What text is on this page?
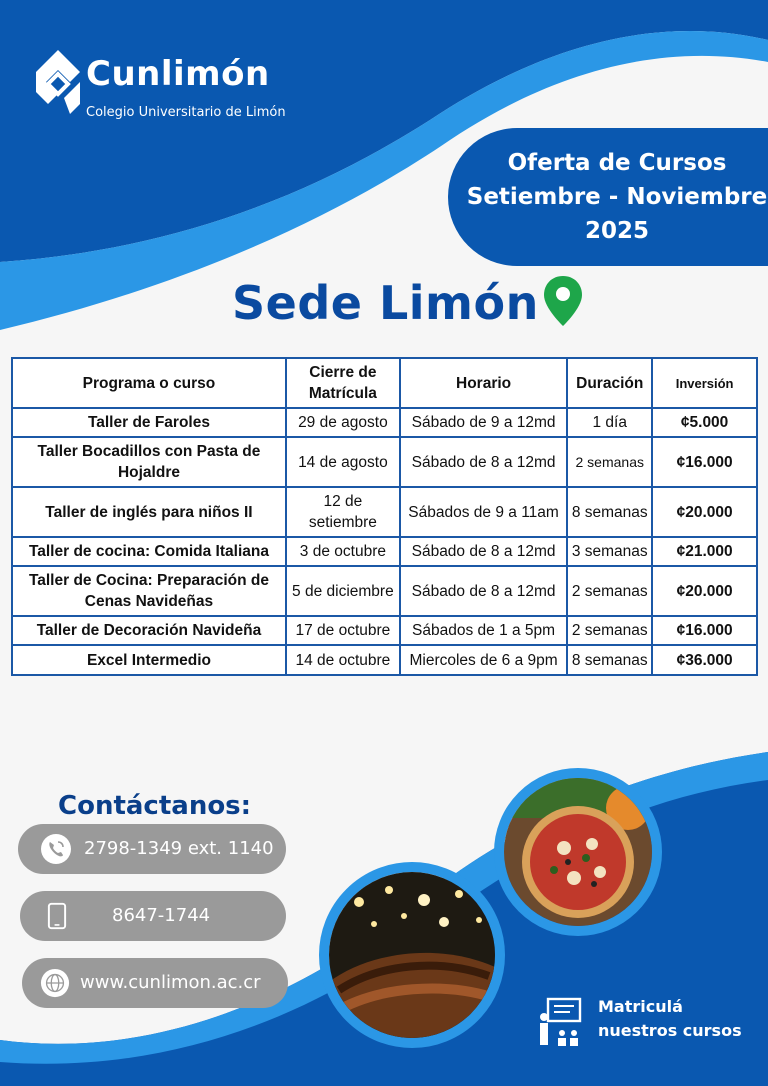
Cunlimón
Colegio Universitario de Limón
Oferta de Cursos
Setiembre - Noviembre
2025
Sede Limón
Programa o curso	Cierre de Matrícula	Horario	Duración	Inversión
Taller de Faroles	29 de agosto	Sábado de 9 a 12md	1 día	¢5.000
Taller Bocadillos con Pasta de Hojaldre	14 de agosto	Sábado de 8 a 12md	2 semanas	¢16.000
Taller de inglés para niños II	12 de setiembre	Sábados de 9 a 11am	8 semanas	¢20.000
Taller de cocina: Comida Italiana	3 de octubre	Sábado de 8 a 12md	3 semanas	¢21.000
Taller de Cocina: Preparación de Cenas Navideñas	5 de diciembre	Sábado de 8 a 12md	2 semanas	¢20.000
Taller de Decoración Navideña	17 de octubre	Sábados de 1 a 5pm	2 semanas	¢16.000
Excel Intermedio	14 de octubre	Miercoles de 6 a 9pm	8 semanas	¢36.000
Contáctanos:
2798-1349 ext. 1140
8647-1744
www.cunlimon.ac.cr
Matriculá
nuestros cursos
